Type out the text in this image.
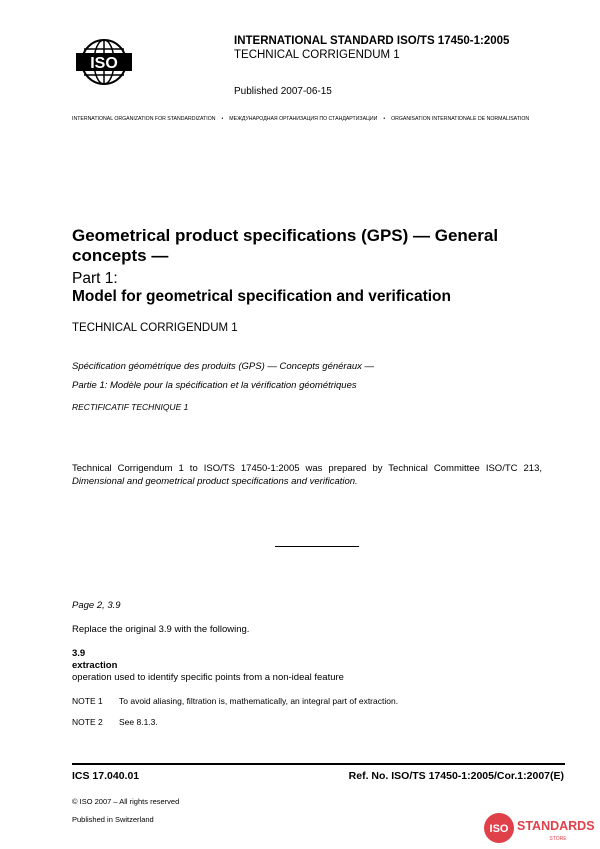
ISO
INTERNATIONAL STANDARD ISO/TS 17450-1:2005
TECHNICAL CORRIGENDUM 1
Published 2007-06-15
INTERNATIONAL ORGANIZATION FOR STANDARDIZATION • МЕЖДУНАРОДНАЯ ОРГАНИЗАЦИЯ ПО СТАНДАРТИЗАЦИИ • ORGANISATION INTERNATIONALE DE NORMALISATION
Geometrical product specifications (GPS) — General concepts —
Part 1:
Model for geometrical specification and verification
TECHNICAL CORRIGENDUM 1
Spécification géométrique des produits (GPS) — Concepts généraux —
Partie 1: Modèle pour la spécification et la vérification géométriques
RECTIFICATIF TECHNIQUE 1
Technical Corrigendum 1 to ISO/TS 17450-1:2005 was prepared by Technical Committee ISO/TC 213, Dimensional and geometrical product specifications and verification.
Page 2, 3.9
Replace the original 3.9 with the following.
3.9
extraction
operation used to identify specific points from a non-ideal feature
NOTE 1	To avoid aliasing, filtration is, mathematically, an integral part of extraction.
NOTE 2	See 8.1.3.
ICS 17.040.01	Ref. No. ISO/TS 17450-1:2005/Cor.1:2007(E)
© ISO 2007 – All rights reserved
Published in Switzerland
ISO STANDARDS
STORE
